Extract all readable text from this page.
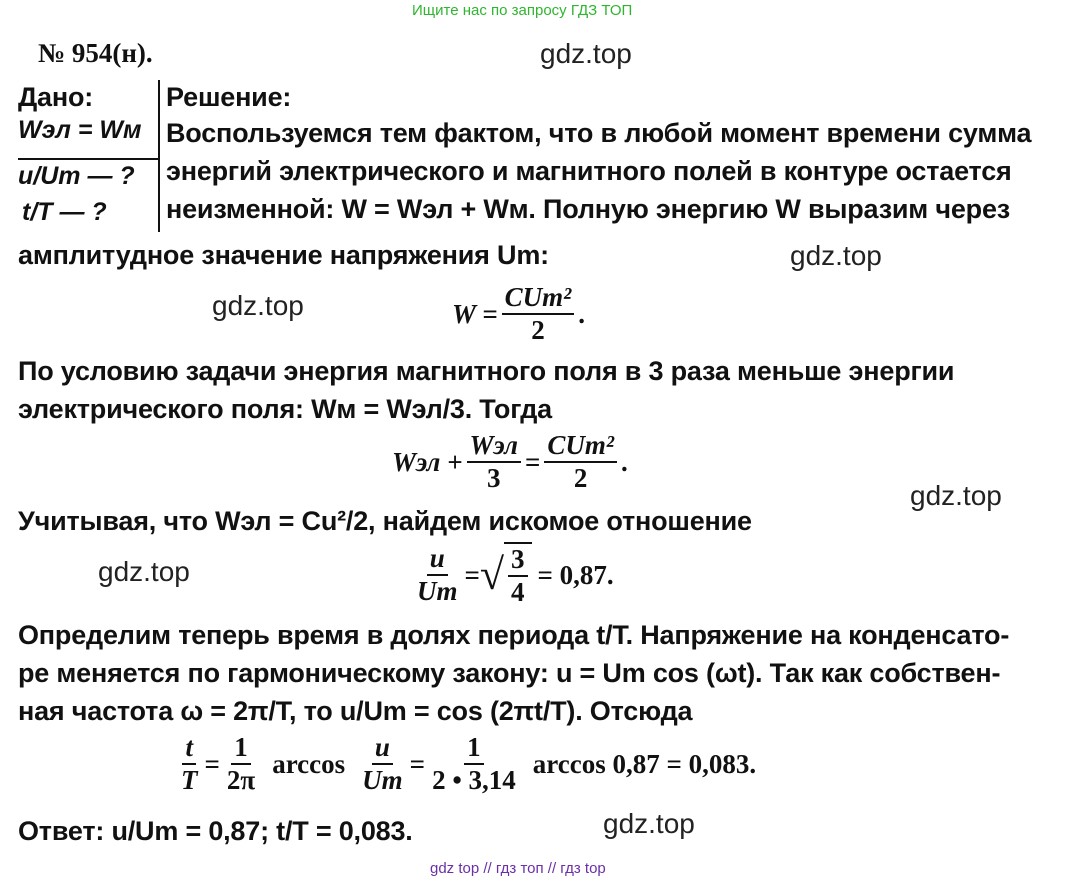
Ищите нас по запросу ГДЗ ТОП
№ 954(н).	gdz.top
gdz.top
gdz.top
gdz.top
gdz.top
gdz.top
Дано:
Wэл = Wм
u/Um — ?
t/T — ?
Решение:
Воспользуемся тем фактом, что в любой момент времени сумма
энергий электрического и магнитного полей в контуре остается
неизменной: W = Wэл + Wм. Полную энергию W выразим через
амплитудное значение напряжения Um:
$W = \frac{\text{CUm²}}{2}$ .
По условию задачи энергия магнитного поля в 3 раза меньше энергии
электрического поля: Wм = Wэл/3. Тогда
Wэл + $\frac{\text{Wэл}}{3} = \frac{\text{CUm²}}{2}$ .
Учитывая, что Wэл = Cu²/2, найдем искомое отношение
$\frac{u}{Um}$ = √ $\frac{3}{4} = 0,87$.
Определим теперь время в долях периода t/T. Напряжение на конденсато-
ре меняется по гармоническому закону: u = Um cos (ωt). Так как собствен-
ная частота ω = 2π/T, то u/Um = cos (2πt/T). Отсюда
$\frac{t}{T} = \frac{1}{2\pi}$ $\arccos \frac{u}{Um} = \frac{1}{2 • 3,14}$ arccos 0,87 = 0,083.
Ответ: u/Um = 0,87; t/T = 0,083.
gdz top // гдз топ // гдз top
